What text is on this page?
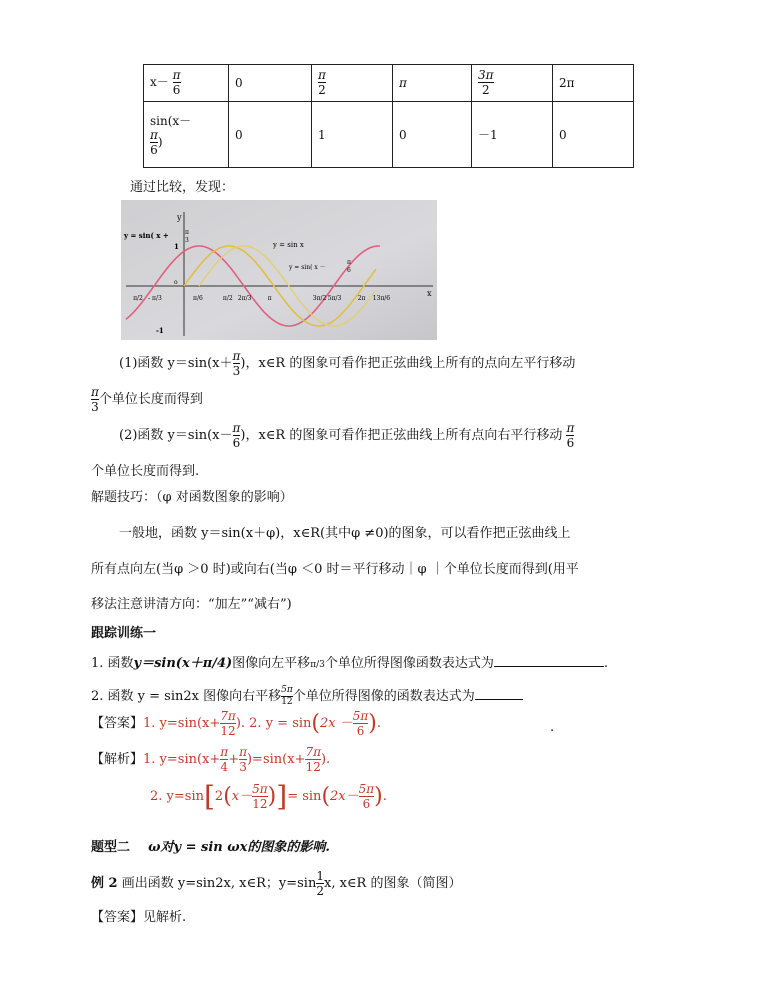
$x- \frac{\pi}{6}$	0	$\frac{\pi}{2}$	π	$\frac{3\pi}{2}$	2π

sin(x－
$\frac{\pi}{6}$ )	0	1	0	－1	0
通过比较，发现：
y
x
y = sin( x +	π
3
y = sin x
y = sin( x －
π
6
1
-1
o
π/2 - π/3	π/6	π/2 2π/3	π	3π/2 5π/3	2π 13π/6
(1)函数 $y=\sin(x+ \frac{\pi}{3}$ )，x∈R 的图象可看作把正弦曲线上所有的点向左平行移动
$\frac{\pi}{3}$ 个单位长度而得到
(2)函数 $y=\sin(x- \frac{\pi}{6}$ )，x∈R 的图象可看作把正弦曲线上所有点向右平行移动 $\frac{\pi}{6}$
个单位长度而得到.
解题技巧：（φ 对函数图象的影响）
一般地，函数 y＝sin(x＋φ)，x∈R(其中φ ≠0)的图象，可以看作把正弦曲线上
所有点向左(当φ ＞0 时)或向右(当φ ＜0 时＝平行移动｜φ ｜个单位长度而得到(用平
移法注意讲清方向：“加左”“减右”)
跟踪训练一
1. 函数y＝sin(x＋π/4)图像向左平移π/3个单位所得图像函数表达式为	.
2. 函数 y = sin2x 图像向右平移 $\frac{5\pi}{12}$ 个单位所得图像的函数表达式为
【答案】1. $y=\sin(x+ \frac{7\pi}{12}$ ). 2. $y = \sin(2x - \frac{5\pi}{6}$ ).	.
【解析】1. $y=\sin(x+ \frac{\pi}{4} + \frac{\pi}{3} )=\sin(x+ \frac{7\pi}{12}$ ).
2. $y=\sin[2(x- \frac{5\pi}{12}$ )]= $\sin(2x- \frac{5\pi}{6}$ ).
题型二 ω对y = sin ωx的图象的影响.
例 2 画出函数 y=sin2x, x∈R；$y=\sin \frac{1}{2} x$, x∈R 的图象（简图）
【答案】见解析.
